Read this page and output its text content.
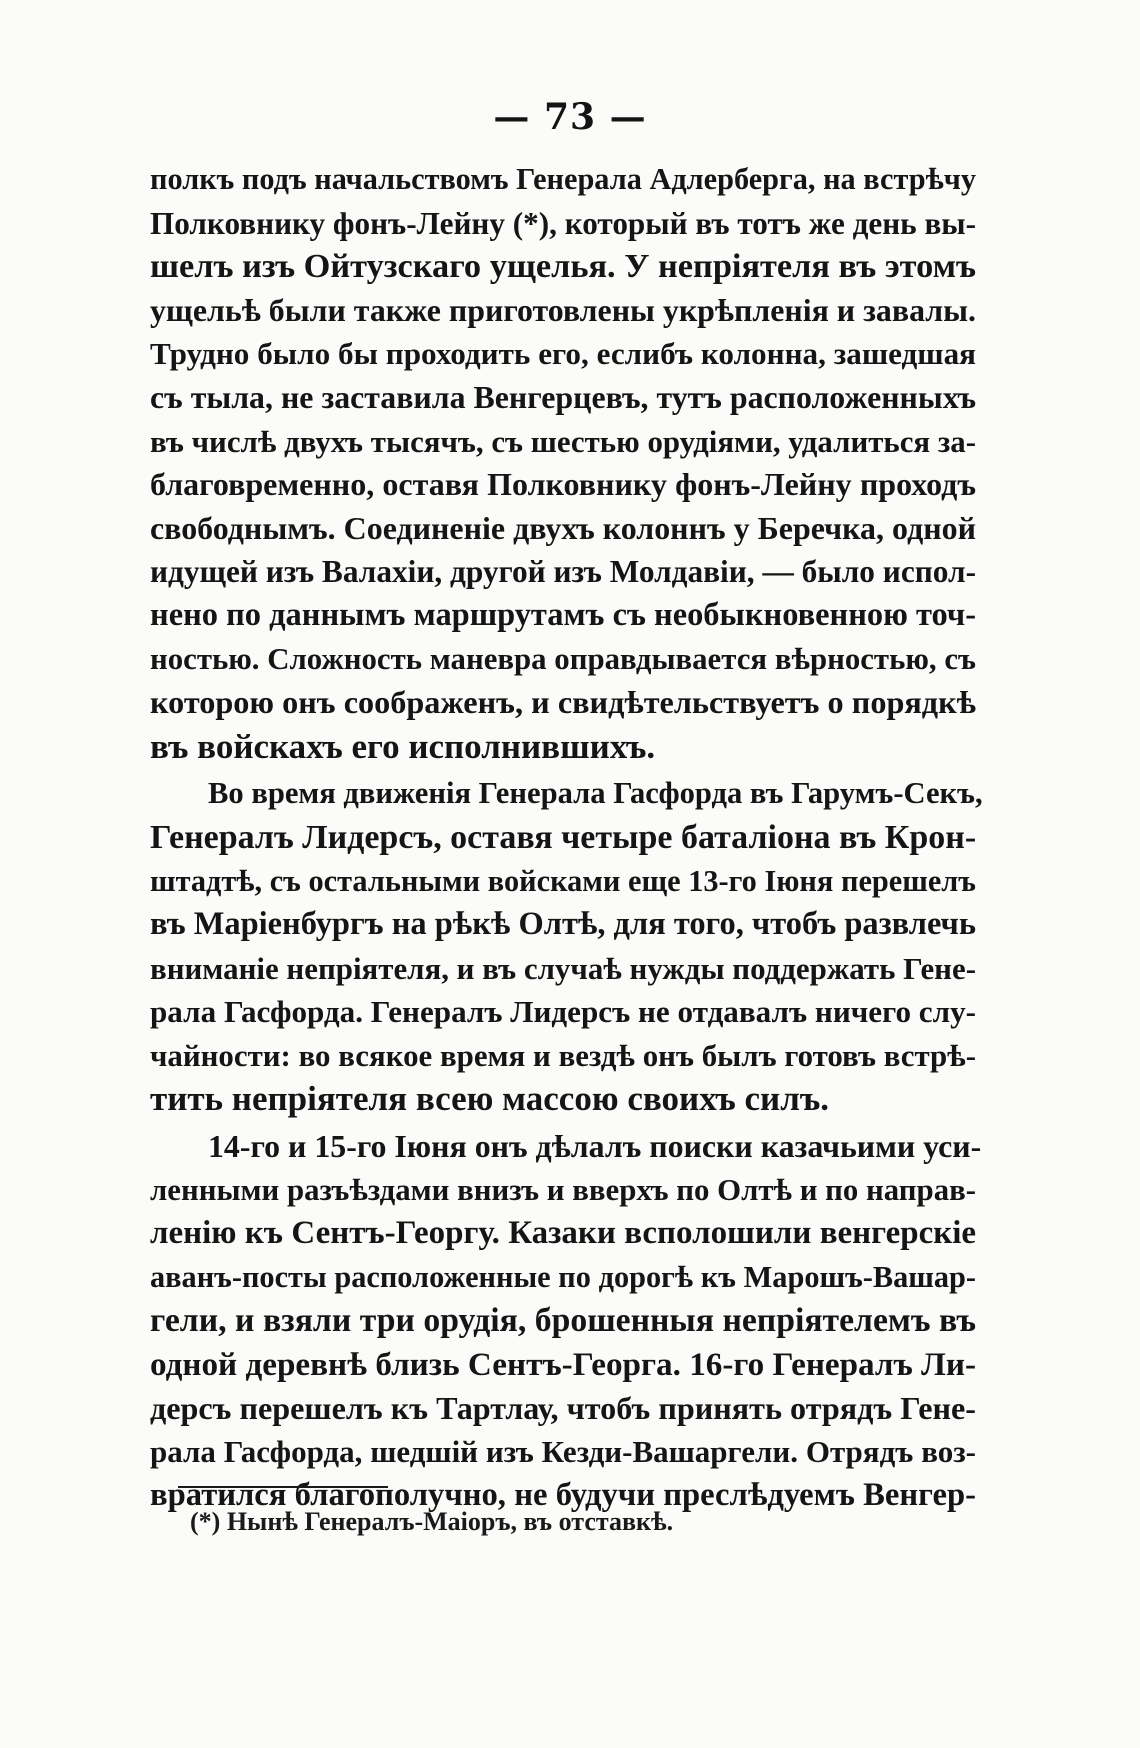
— 73 —
полкъ подъ начальствомъ Генерала Адлерберга, на встрѣчу
Полковнику фонъ-Лейну (*), который въ тотъ же день вы-
шелъ изъ Ойтузскаго ущелья. У непріятеля въ этомъ
ущельѣ были также приготовлены укрѣпленія и завалы.
Трудно было бы проходить его, еслибъ колонна, зашедшая
съ тыла, не заставила Венгерцевъ, тутъ расположенныхъ
въ числѣ двухъ тысячъ, съ шестью орудіями, удалиться за-
благовременно, оставя Полковнику фонъ-Лейну проходъ
свободнымъ. Соединеніе двухъ колоннъ у Беречка, одной
идущей изъ Валахіи, другой изъ Молдавіи, — было испол-
нено по даннымъ маршрутамъ съ необыкновенною точ-
ностью. Сложность маневра оправдывается вѣрностью, съ
которою онъ соображенъ, и свидѣтельствуетъ о порядкѣ
въ войскахъ его исполнившихъ.
Во время движенія Генерала Гасфорда въ Гарумъ-Секъ,
Генералъ Лидерсъ, оставя четыре баталіона въ Крон-
штадтѣ, съ остальными войсками еще 13-го Іюня перешелъ
въ Маріенбургъ на рѣкѣ Олтѣ, для того, чтобъ развлечь
вниманіе непріятеля, и въ случаѣ нужды поддержать Гене-
рала Гасфорда. Генералъ Лидерсъ не отдавалъ ничего слу-
чайности: во всякое время и вездѣ онъ былъ готовъ встрѣ-
тить непріятеля всею массою своихъ силъ.
14-го и 15-го Іюня онъ дѣлалъ поиски казачьими уси-
ленными разъѣздами внизъ и вверхъ по Олтѣ и по направ-
ленію къ Сентъ-Георгу. Казаки всполошили венгерскіе
аванъ-посты расположенные по дорогѣ къ Марошъ-Вашар-
гели, и взяли три орудія, брошенныя непріятелемъ въ
одной деревнѣ близь Сентъ-Георга. 16-го Генералъ Ли-
дерсъ перешелъ къ Тартлау, чтобъ принять отрядъ Гене-
рала Гасфорда, шедшій изъ Кезди-Вашаргели. Отрядъ воз-
вратился благополучно, не будучи преслѣдуемъ Венгер-
(*) Нынѣ Генералъ-Маіоръ, въ отставкѣ.
